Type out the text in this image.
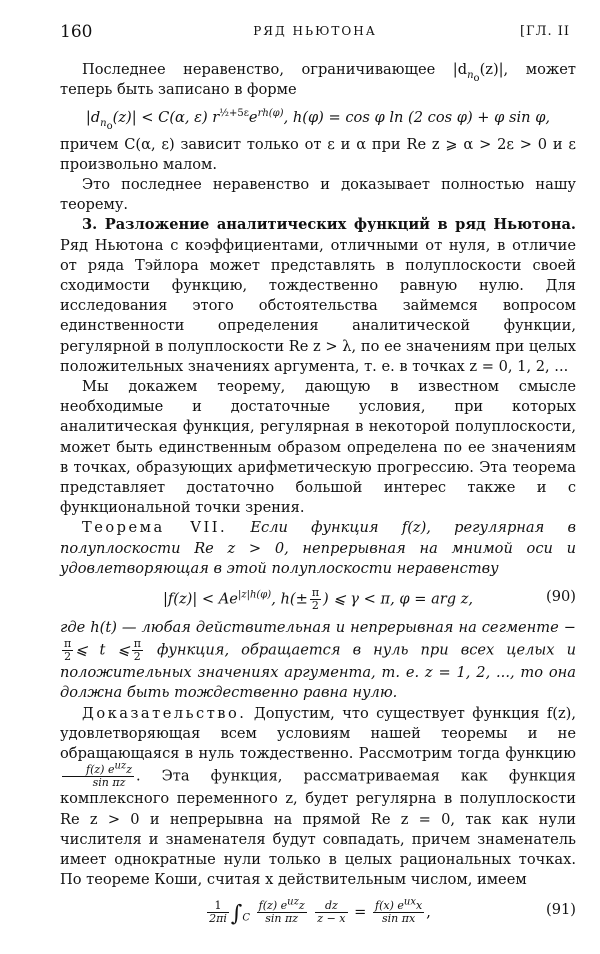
160	РЯД НЬЮТОНА	[ГЛ. II

Последнее неравенство, ограничивающее $|d_{n_o}(z)|$, может теперь быть записано в форме

$|d_{n_o}(z)| < C(\alpha$, ε) $r^{\frac{1}{2}+5\varepsilon}e^{rh(\varphi)}$, h(φ) = cos φ ln (2 cos φ) + φ sin φ,

причем C(α, ε) зависит только от ε и α при Re z ⩾ α > 2ε > 0 и ε произвольно малом.

Это последнее неравенство и доказывает полностью нашу теорему.

3. Разложение аналитических функций в ряд Ньютона. Ряд Ньютона с коэффициентами, отличными от нуля, в отличие от ряда Тэйлора может представлять в полуплоскости своей сходимости функцию, тождественно равную нулю. Для исследования этого обстоятельства займемся вопросом единственности определения аналитической функции, регулярной в полуплоскости Re z > λ, по ее значениям при целых положительных значениях аргумента, т. е. в точках z = 0, 1, 2, ...

Мы докажем теорему, дающую в известном смысле необходимые и достаточные условия, при которых аналитическая функция, регулярная в некоторой полуплоскости, может быть единственным образом определена по ее значениям в точках, образующих арифметическую прогрессию. Эта теорема представляет достаточно большой интерес также и с функциональной точки зрения.

Теорема VII. Если функция f(z), регулярная в полуплоскости Re z > 0, непрерывная на мнимой оси и удовлетворяющая в этой полуплоскости неравенству

$|f(z)| < Ae^{|z|h(\varphi)}$, $h(\pm \frac{\pi}{2}$ ) ⩽ γ < π, φ = arg z,	(90)

где h(t) — любая действительная и непрерывная на сегменте −
$\frac{\pi}{2}$ ⩽ t ⩽ $\frac{\pi}{2}$ функция, обращается в нуль при всех целых и положительных значениях аргумента, т. е. z = 1, 2, ..., то она должна быть тождественно равна нулю.

Доказательство. Допустим, что существует функция f(z), удовлетворяющая всем условиям нашей теоремы и не обращающаяся в нуль тождественно. Рассмотрим тогда функцию
$\frac{f(z) e^{uz}z}{\text{sin πz}}$ . Эта функция, рассматриваемая как функция комплексного переменного z, будет регулярна в полуплоскости Re z > 0 и непрерывна на прямой Re z = 0, так как нули числителя и знаменателя будут совпадать, причем знаменатель имеет однократные нули только в целых рациональных точках. По теореме Коши, считая x действительным числом, имеем

$\frac{1}{2\pi i} \int_C \frac{f(z) e^{uz}z}{\text{sin πz}}$
$\frac{dz}{z - x} = \frac{f(x) e^{ux}x}{\text{sin πx}}$ ,	(91)
